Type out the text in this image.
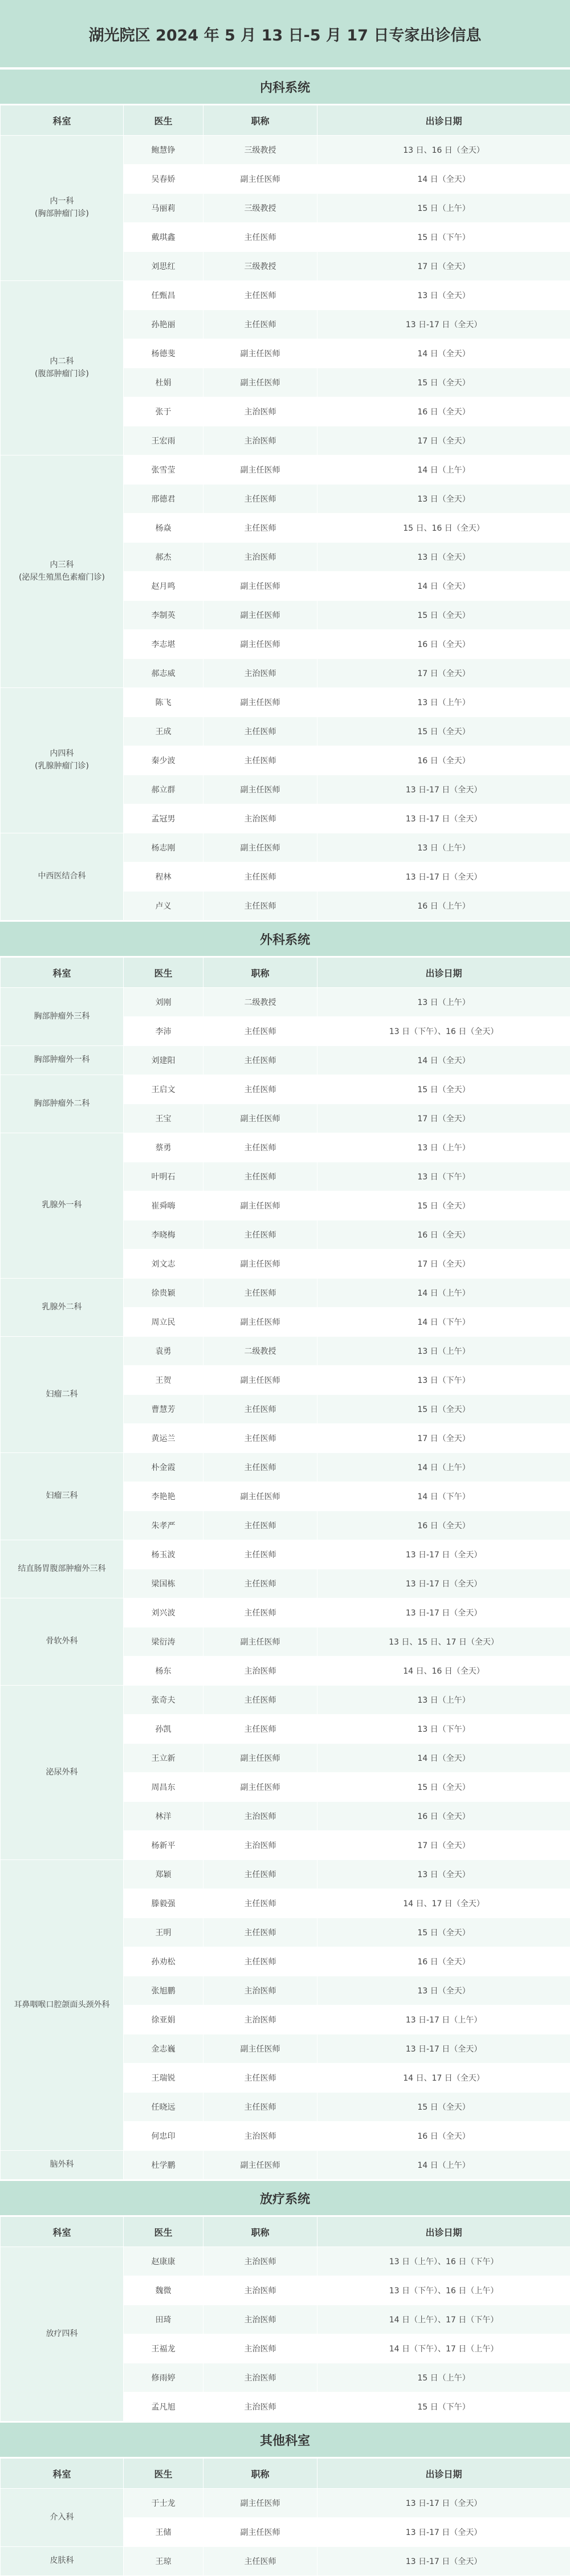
湖光院区 2024 年 5 月 13 日-5 月 17 日专家出诊信息
内科系统
科室	医生	职称	出诊日期

内一科
(胸部肿瘤门诊)	鲍慧铮	三级教授	13 日、16 日（全天）
	吴春娇	副主任医师	14 日（全天）
	马丽莉	三级教授	15 日（上午）
	戴琪鑫	主任医师	15 日（下午）
	刘思红	三级教授	17 日（全天）

内二科
(腹部肿瘤门诊)	任甄昌	主任医师	13 日（全天）
	孙艳丽	主任医师	13 日-17 日（全天）
	杨德斐	副主任医师	14 日（全天）
	杜娟	副主任医师	15 日（全天）
	张于	主治医师	16 日（全天）
	王宏雨	主治医师	17 日（全天）

内三科
(泌尿生殖黑色素瘤门诊)	张雪莹	副主任医师	14 日（上午）
	邢德君	主任医师	13 日（全天）
	杨焱	主任医师	15 日、16 日（全天）
	郝杰	主治医师	13 日（全天）
	赵月鸣	副主任医师	14 日（全天）
	李制英	副主任医师	15 日（全天）
	李志堪	副主任医师	16 日（全天）
	郝志威	主治医师	17 日（全天）

内四科
(乳腺肿瘤门诊)	陈飞	副主任医师	13 日（上午）
	王成	主任医师	15 日（全天）
	秦少波	主任医师	16 日（全天）
	郝立群	副主任医师	13 日-17 日（全天）
	孟冠男	主治医师	13 日-17 日（全天）

中西医结合科	杨志刚	副主任医师	13 日（上午）
	程林	主任医师	13 日-17 日（全天）
	卢义	主任医师	16 日（上午）
外科系统
科室	医生	职称	出诊日期

胸部肿瘤外三科	刘刚	二级教授	13 日（上午）
	李沛	主任医师	13 日（下午）、16 日（全天）

胸部肿瘤外一科	刘建阳	主任医师	14 日（全天）

胸部肿瘤外二科	王启文	主任医师	15 日（全天）
	王宝	副主任医师	17 日（全天）

乳腺外一科	蔡勇	主任医师	13 日（上午）
	叶明石	主任医师	13 日（下午）
	崔舜嗨	副主任医师	15 日（全天）
	李晓梅	主任医师	16 日（全天）
	刘文志	副主任医师	17 日（全天）

乳腺外二科	徐贵颖	主任医师	14 日（上午）
	周立民	副主任医师	14 日（下午）

妇瘤二科	袁勇	二级教授	13 日（上午）
	王贺	副主任医师	13 日（下午）
	曹慧芳	主任医师	15 日（全天）
	黄运兰	主任医师	17 日（全天）

妇瘤三科	朴金霞	主任医师	14 日（上午）
	李艳艳	副主任医师	14 日（下午）
	朱孝严	主任医师	16 日（全天）

结直肠胃腹部肿瘤外三科	杨玉波	主任医师	13 日-17 日（全天）
	梁国栋	主任医师	13 日-17 日（全天）

骨软外科	刘兴波	主任医师	13 日-17 日（全天）
	梁衍涛	副主任医师	13 日、15 日、17 日（全天）
	杨东	主治医师	14 日、16 日（全天）

泌尿外科	张奇夫	主任医师	13 日（上午）
	孙凯	主任医师	13 日（下午）
	王立新	副主任医师	14 日（全天）
	周昌东	副主任医师	15 日（全天）
	林洋	主治医师	16 日（全天）
	杨新平	主治医师	17 日（全天）

耳鼻咽喉口腔颌面头颈外科	郑颖	主任医师	13 日（全天）
	滕毅强	主任医师	14 日、17 日（全天）
	王明	主任医师	15 日（全天）
	孙劝松	主任医师	16 日（全天）
	张旭鹏	主治医师	13 日（全天）
	徐亚娟	主治医师	13 日-17 日（上午）
	金志巍	副主任医师	13 日-17 日（全天）
	王瑞锐	主任医师	14 日、17 日（全天）
	任晓远	主任医师	15 日（全天）
	何忠印	主治医师	16 日（全天）

脑外科	杜学鹏	副主任医师	14 日（上午）
放疗系统
科室	医生	职称	出诊日期

放疗四科	赵康康	主治医师	13 日（上午）、16 日（下午）
	魏微	主治医师	13 日（下午）、16 日（上午）
	田琦	主治医师	14 日（上午）、17 日（下午）
	王福龙	主治医师	14 日（下午）、17 日（上午）
	修雨婷	主治医师	15 日（上午）
	孟凡旭	主治医师	15 日（下午）
其他科室
科室	医生	职称	出诊日期

介入科	于士龙	副主任医师	13 日-17 日（全天）
	王储	副主任医师	13 日-17 日（全天）

皮肤科	王琼	主任医师	13 日-17 日（全天）
